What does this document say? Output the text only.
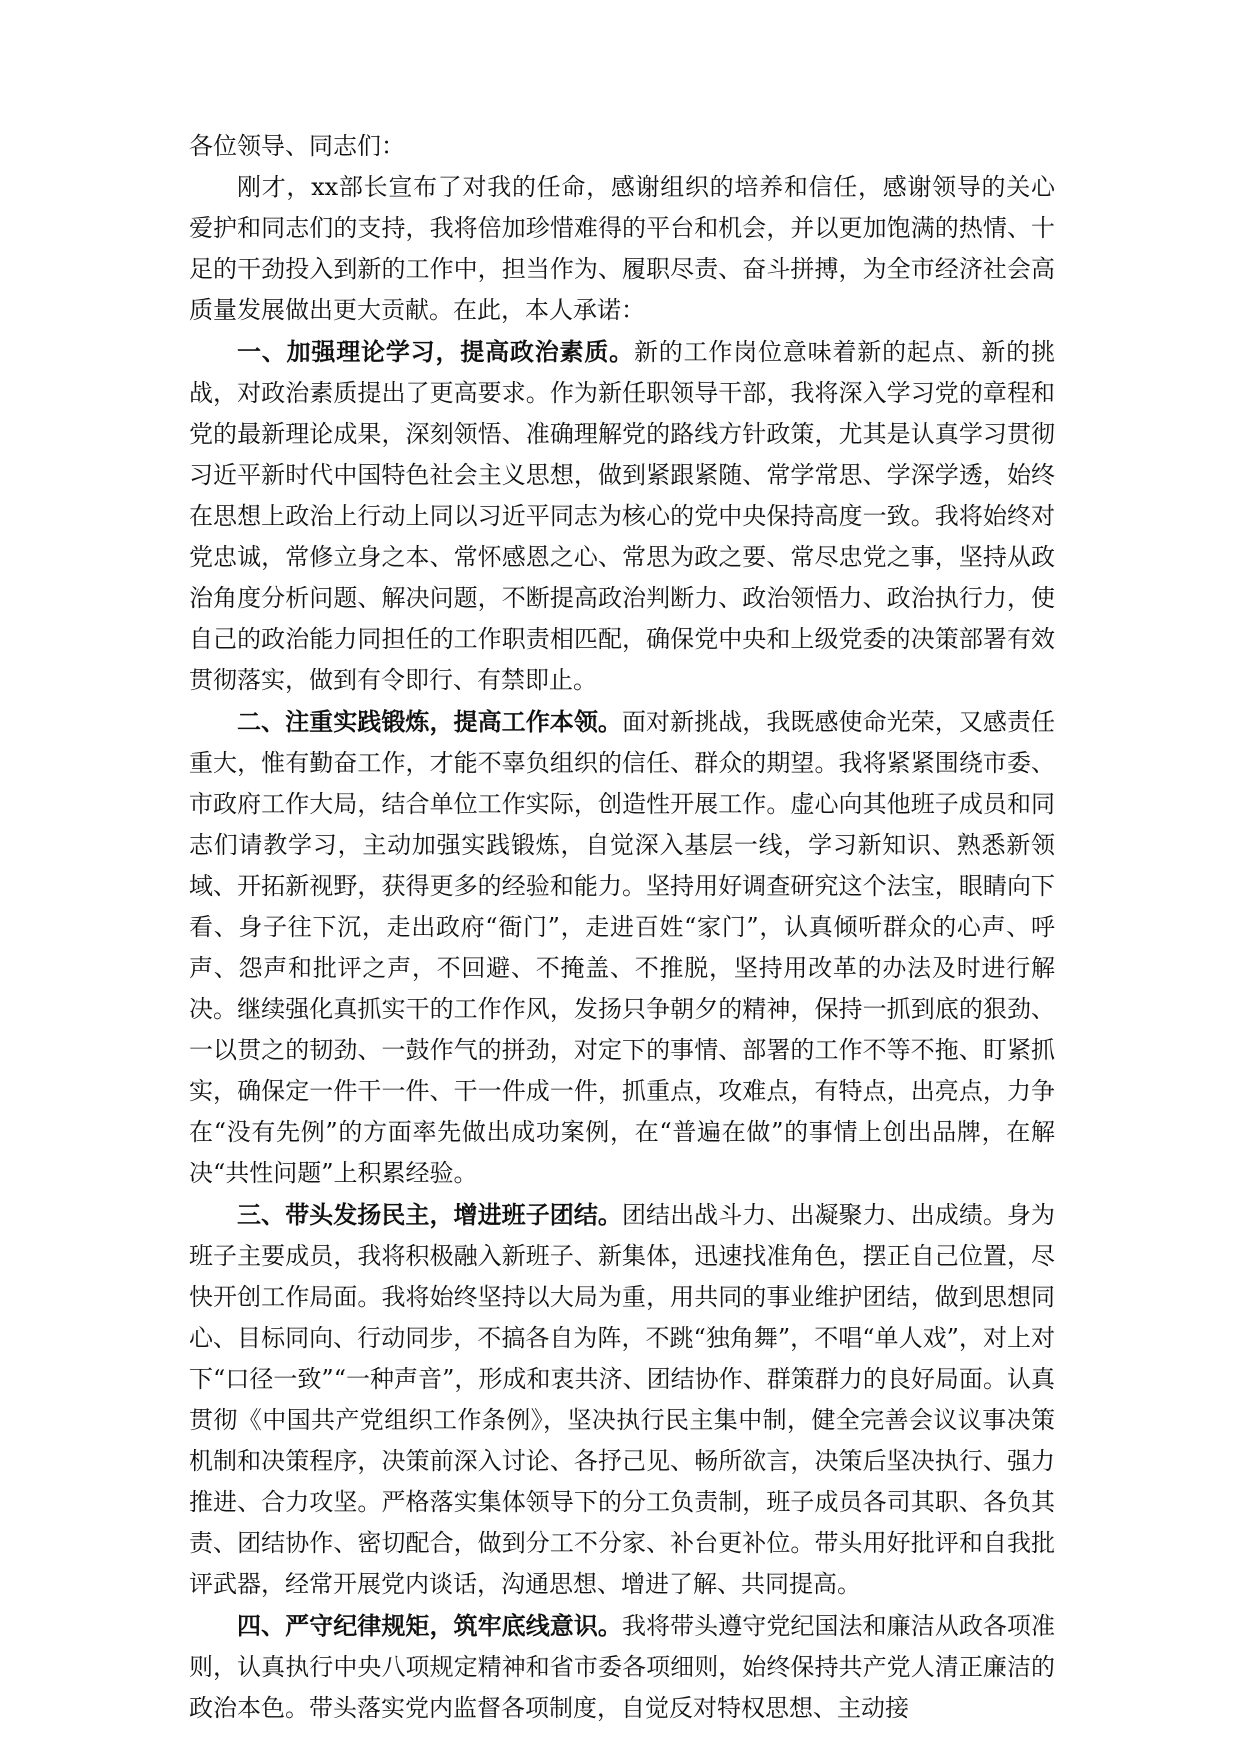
各位领导、同志们：

刚才，xx部长宣布了对我的任命，感谢组织的培养和信任，感谢领导的关心爱护和同志们的支持，我将倍加珍惜难得的平台和机会，并以更加饱满的热情、十足的干劲投入到新的工作中，担当作为、履职尽责、奋斗拼搏，为全市经济社会高质量发展做出更大贡献。在此，本人承诺：

一、加强理论学习，提高政治素质。新的工作岗位意味着新的起点、新的挑战，对政治素质提出了更高要求。作为新任职领导干部，我将深入学习党的章程和党的最新理论成果，深刻领悟、准确理解党的路线方针政策，尤其是认真学习贯彻习近平新时代中国特色社会主义思想，做到紧跟紧随、常学常思、学深学透，始终在思想上政治上行动上同以习近平同志为核心的党中央保持高度一致。我将始终对党忠诚，常修立身之本、常怀感恩之心、常思为政之要、常尽忠党之事，坚持从政治角度分析问题、解决问题，不断提高政治判断力、政治领悟力、政治执行力，使自己的政治能力同担任的工作职责相匹配，确保党中央和上级党委的决策部署有效贯彻落实，做到有令即行、有禁即止。

二、注重实践锻炼，提高工作本领。面对新挑战，我既感使命光荣，又感责任重大，惟有勤奋工作，才能不辜负组织的信任、群众的期望。我将紧紧围绕市委、市政府工作大局，结合单位工作实际，创造性开展工作。虚心向其他班子成员和同志们请教学习，主动加强实践锻炼，自觉深入基层一线，学习新知识、熟悉新领域、开拓新视野，获得更多的经验和能力。坚持用好调查研究这个法宝，眼睛向下看、身子往下沉，走出政府“衙门”，走进百姓“家门”，认真倾听群众的心声、呼声、怨声和批评之声，不回避、不掩盖、不推脱，坚持用改革的办法及时进行解决。继续强化真抓实干的工作作风，发扬只争朝夕的精神，保持一抓到底的狠劲、一以贯之的韧劲、一鼓作气的拼劲，对定下的事情、部署的工作不等不拖、盯紧抓实，确保定一件干一件、干一件成一件，抓重点，攻难点，有特点，出亮点，力争在“没有先例”的方面率先做出成功案例，在“普遍在做”的事情上创出品牌，在解决“共性问题”上积累经验。

三、带头发扬民主，增进班子团结。团结出战斗力、出凝聚力、出成绩。身为班子主要成员，我将积极融入新班子、新集体，迅速找准角色，摆正自己位置，尽快开创工作局面。我将始终坚持以大局为重，用共同的事业维护团结，做到思想同心、目标同向、行动同步，不搞各自为阵，不跳“独角舞”，不唱“单人戏”，对上对下“口径一致”“一种声音”，形成和衷共济、团结协作、群策群力的良好局面。认真贯彻《中国共产党组织工作条例》，坚决执行民主集中制，健全完善会议议事决策机制和决策程序，决策前深入讨论、各抒己见、畅所欲言，决策后坚决执行、强力推进、合力攻坚。严格落实集体领导下的分工负责制，班子成员各司其职、各负其责、团结协作、密切配合，做到分工不分家、补台更补位。带头用好批评和自我批评武器，经常开展党内谈话，沟通思想、增进了解、共同提高。

四、严守纪律规矩，筑牢底线意识。我将带头遵守党纪国法和廉洁从政各项准则，认真执行中央八项规定精神和省市委各项细则，始终保持共产党人清正廉洁的政治本色。带头落实党内监督各项制度，自觉反对特权思想、主动接
